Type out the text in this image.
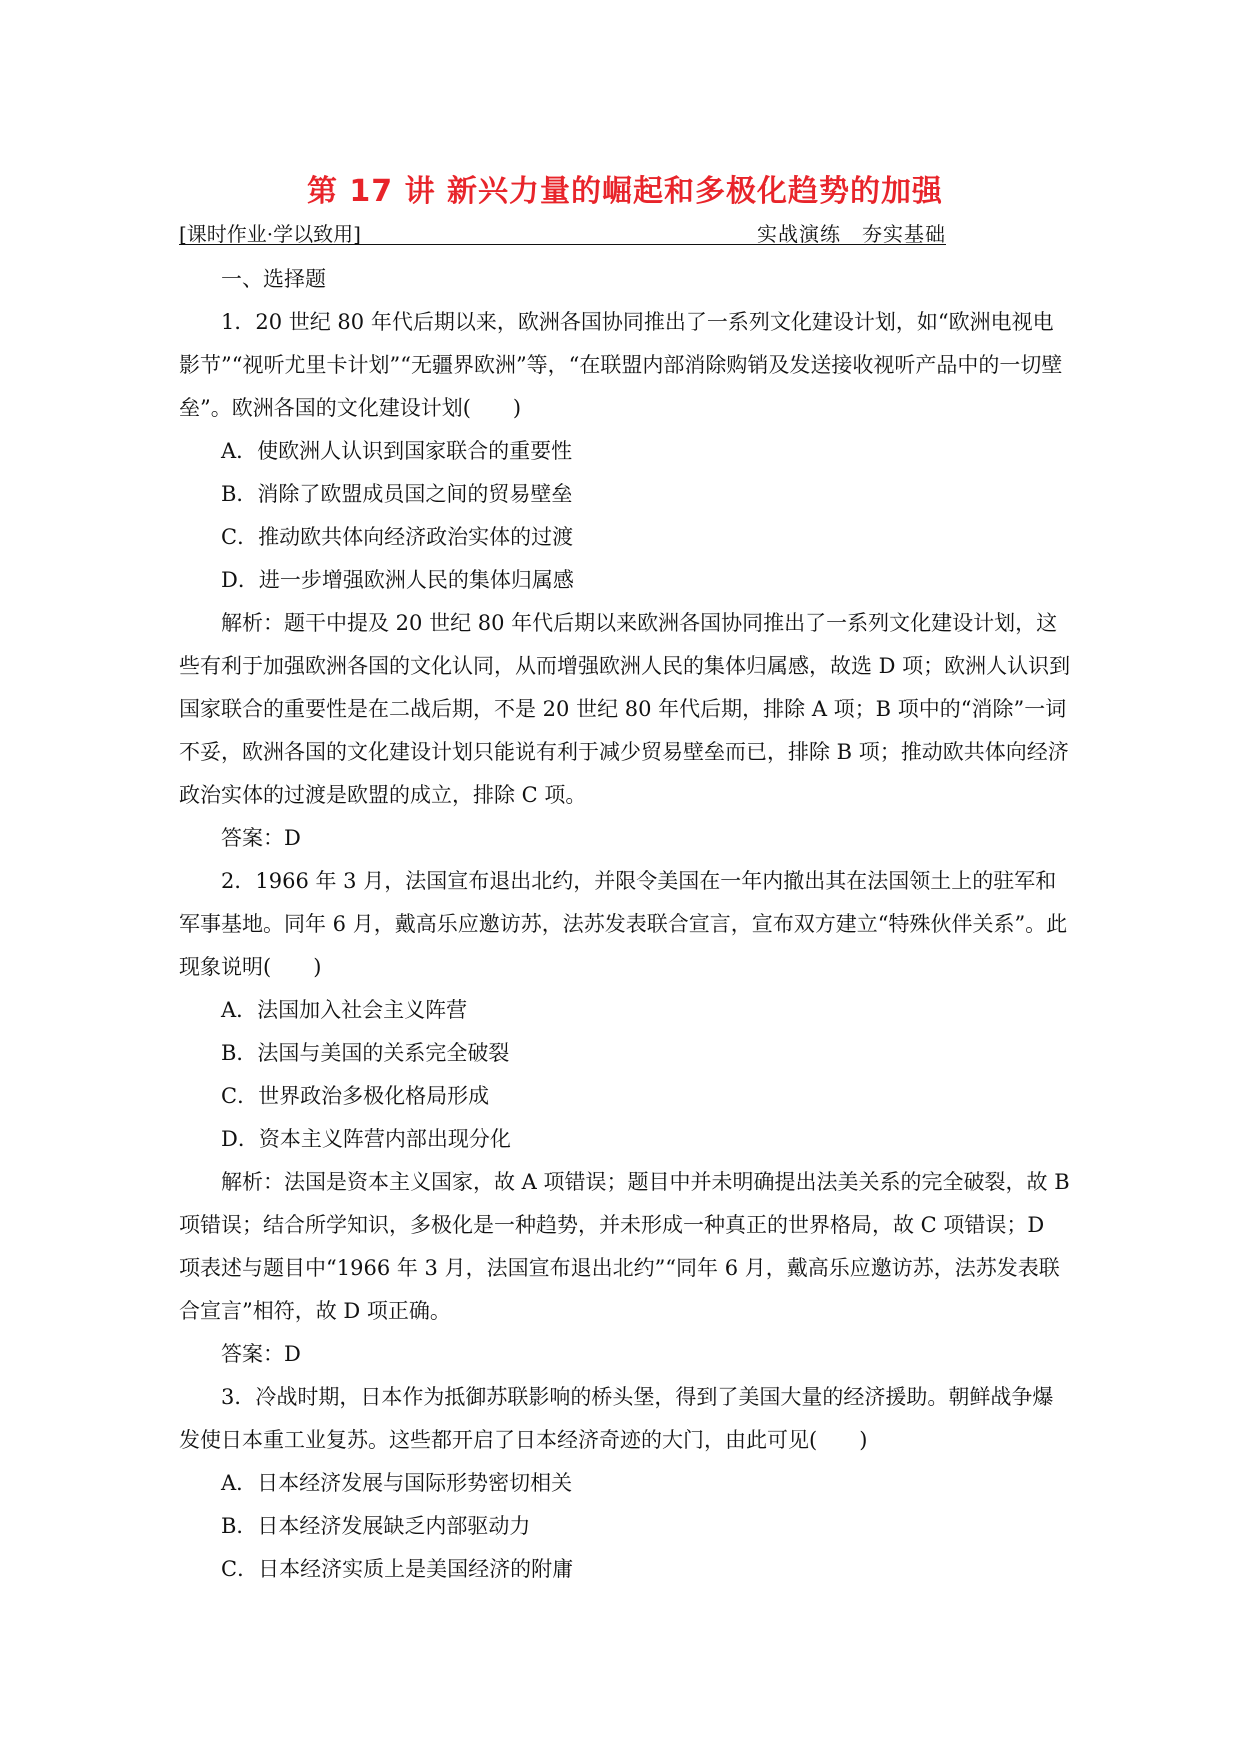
第 17 讲 新兴力量的崛起和多极化趋势的加强
[课时作业·学以致用]	实战演练　夯实基础

一、选择题

1．20 世纪 80 年代后期以来，欧洲各国协同推出了一系列文化建设计划，如“欧洲电视电影节”“视听尤里卡计划”“无疆界欧洲”等，“在联盟内部消除购销及发送接收视听产品中的一切壁垒”。欧洲各国的文化建设计划(　　)

A．使欧洲人认识到国家联合的重要性

B．消除了欧盟成员国之间的贸易壁垒

C．推动欧共体向经济政治实体的过渡

D．进一步增强欧洲人民的集体归属感

解析：题干中提及 20 世纪 80 年代后期以来欧洲各国协同推出了一系列文化建设计划，这些有利于加强欧洲各国的文化认同，从而增强欧洲人民的集体归属感，故选 D 项；欧洲人认识到国家联合的重要性是在二战后期，不是 20 世纪 80 年代后期，排除 A 项；B 项中的“消除”一词不妥，欧洲各国的文化建设计划只能说有利于减少贸易壁垒而已，排除 B 项；推动欧共体向经济政治实体的过渡是欧盟的成立，排除 C 项。

答案：D

2．1966 年 3 月，法国宣布退出北约，并限令美国在一年内撤出其在法国领土上的驻军和军事基地。同年 6 月，戴高乐应邀访苏，法苏发表联合宣言，宣布双方建立“特殊伙伴关系”。此现象说明(　　)

A．法国加入社会主义阵营

B．法国与美国的关系完全破裂

C．世界政治多极化格局形成

D．资本主义阵营内部出现分化

解析：法国是资本主义国家，故 A 项错误；题目中并未明确提出法美关系的完全破裂，故 B 项错误；结合所学知识，多极化是一种趋势，并未形成一种真正的世界格局，故 C 项错误；D 项表述与题目中“1966 年 3 月，法国宣布退出北约”“同年 6 月，戴高乐应邀访苏，法苏发表联合宣言”相符，故 D 项正确。

答案：D

3．冷战时期，日本作为抵御苏联影响的桥头堡，得到了美国大量的经济援助。朝鲜战争爆发使日本重工业复苏。这些都开启了日本经济奇迹的大门，由此可见(　　)

A．日本经济发展与国际形势密切相关

B．日本经济发展缺乏内部驱动力

C．日本经济实质上是美国经济的附庸
